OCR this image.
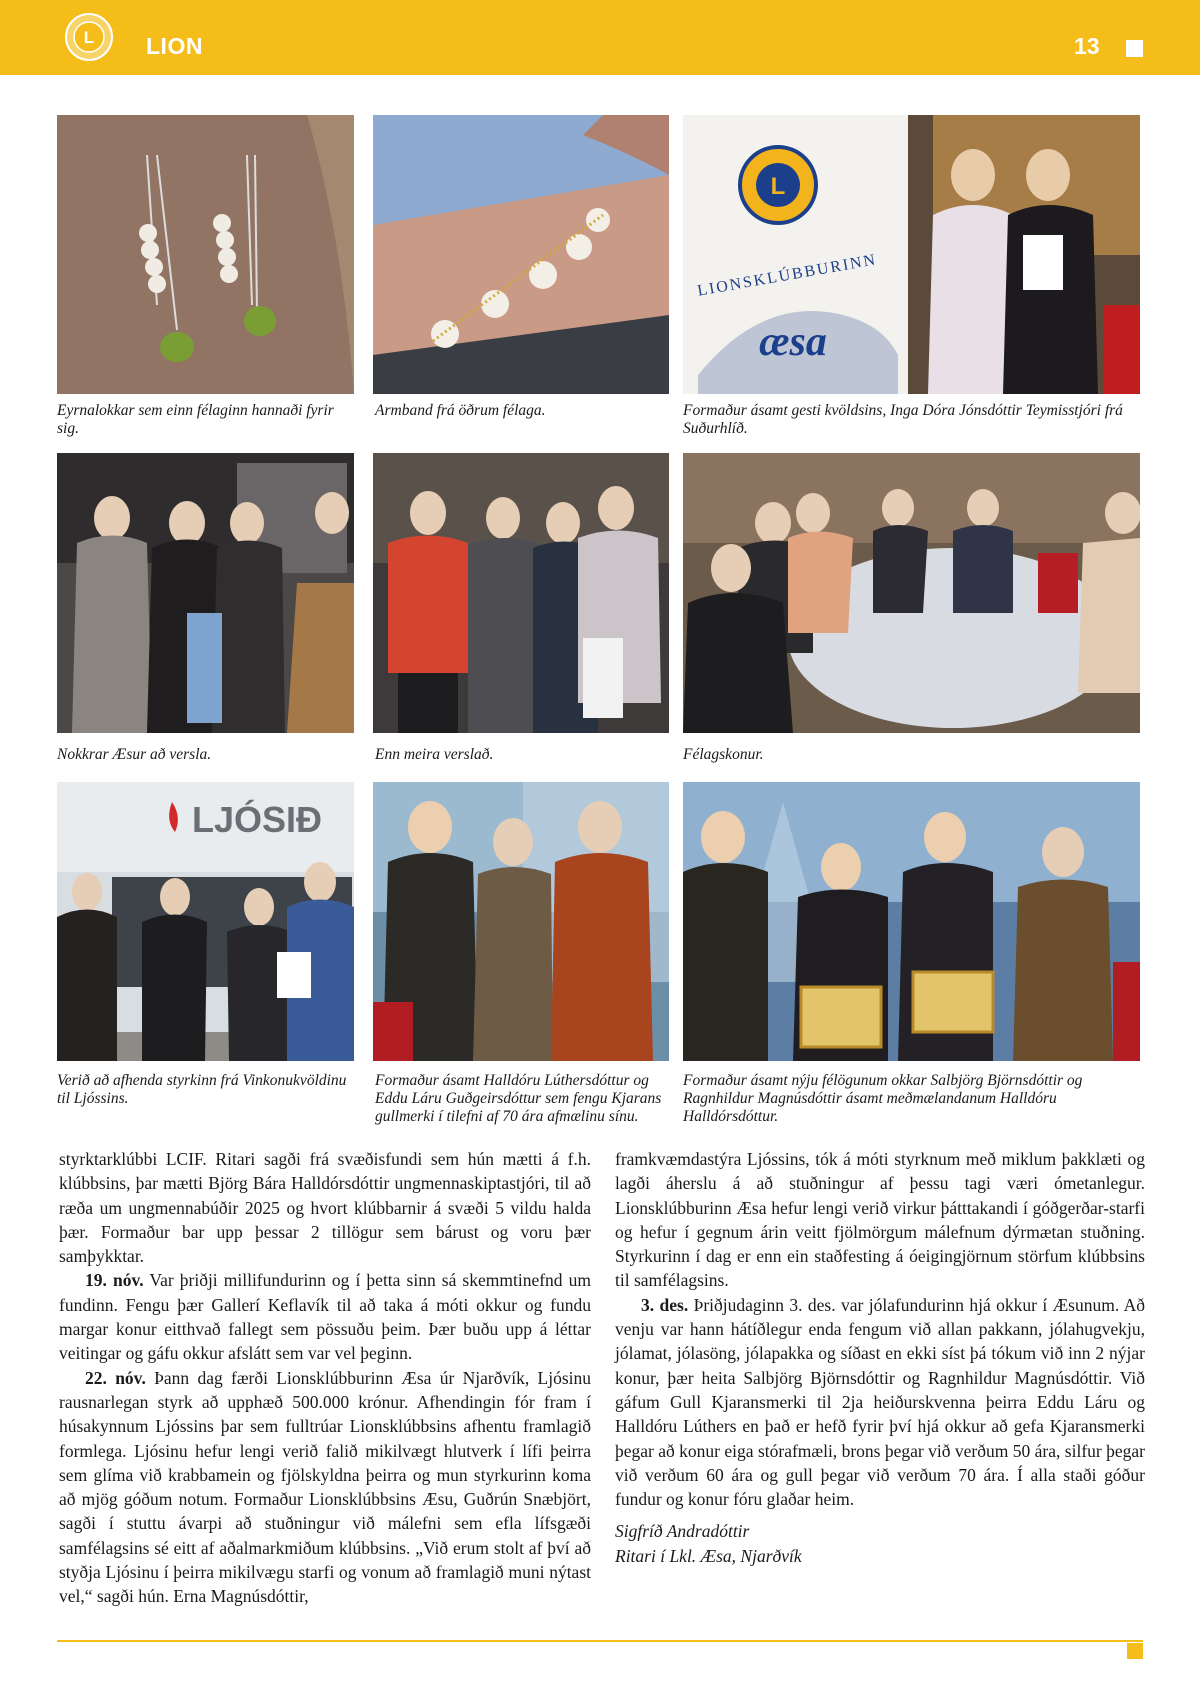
L LION	13
Eyrnalokkar sem einn félaginn hannaði fyrir sig.
Armband frá öðrum félaga.
L
LIONSKLÚBBURINN
æsa
Formaður ásamt gesti kvöldsins, Inga Dóra Jónsdóttir Teymisstjóri frá Suðurhlíð.
Nokkrar Æsur að versla.	Enn meira verslað.	Félagskonur.
LJÓSIÐ
Verið að afhenda styrkinn frá Vinkonukvöldinu til Ljóssins.
Formaður ásamt Halldóru Lúthersdóttur og Eddu Láru Guðgeirsdóttur sem fengu Kjarans gullmerki í tilefni af 70 ára afmælinu sínu.
Formaður ásamt nýju félögunum okkar Salbjörg Björnsdóttir og Ragnhildur Magnúsdóttir ásamt meðmælandanum Halldóru Halldórsdóttur.

styrktarklúbbi LCIF. Ritari sagði frá svæðisfundi sem hún mætti á f.h. klúbbsins, þar mætti Björg Bára Halldórsdóttir ungmennaskiptastjóri, til að ræða um ungmennabúðir 2025 og hvort klúbbarnir á svæði 5 vildu halda þær. Formaður bar upp þessar 2 tillögur sem bárust og voru þær samþykktar.

19. nóv. Var þriðji millifundurinn og í þetta sinn sá skemmtinefnd um fundinn. Fengu þær Gallerí Keflavík til að taka á móti okkur og fundu margar konur eitthvað fallegt sem pössuðu þeim. Þær buðu upp á léttar veitingar og gáfu okkur afslátt sem var vel þeginn.

22. nóv. Þann dag færði Lionsklúbburinn Æsa úr Njarðvík, Ljósinu rausnarlegan styrk að upphæð 500.000 krónur. Afhendingin fór fram í húsakynnum Ljóssins þar sem fulltrúar Lionsklúbbsins afhentu framlagið formlega. Ljósinu hefur lengi verið falið mikilvægt hlutverk í lífi þeirra sem glíma við krabbamein og fjölskyldna þeirra og mun styrkurinn koma að mjög góðum notum. Formaður Lionsklúbbsins Æsu, Guðrún Snæbjört, sagði í stuttu ávarpi að stuðningur við málefni sem efla lífsgæði samfélagsins sé eitt af aðalmarkmiðum klúbbsins. „Við erum stolt af því að styðja Ljósinu í þeirra mikilvægu starfi og vonum að framlagið muni nýtast vel,“ sagði hún. Erna Magnúsdóttir,

framkvæmdastýra Ljóssins, tók á móti styrknum með miklum þakklæti og lagði áherslu á að stuðningur af þessu tagi væri ómetanlegur. Lionsklúbburinn Æsa hefur lengi verið virkur þátttakandi í góðgerðar-starfi og hefur í gegnum árin veitt fjölmörgum málefnum dýrmætan stuðning. Styrkurinn í dag er enn ein staðfesting á óeigingjörnum störfum klúbbsins til samfélagsins.

3. des. Þriðjudaginn 3. des. var jólafundurinn hjá okkur í Æsunum. Að venju var hann hátíðlegur enda fengum við allan pakkann, jólahugvekju, jólamat, jólasöng, jólapakka og síðast en ekki síst þá tókum við inn 2 nýjar konur, þær heita Salbjörg Björnsdóttir og Ragnhildur Magnúsdóttir. Við gáfum Gull Kjaransmerki til 2ja heiðurskvenna þeirra Eddu Láru og Halldóru Lúthers en það er hefð fyrir því hjá okkur að gefa Kjaransmerki þegar að konur eiga stórafmæli, brons þegar við verðum 50 ára, silfur þegar við verðum 60 ára og gull þegar við verðum 70 ára. Í alla staði góður fundur og konur fóru glaðar heim.

Sigfríð Andradóttir
Ritari í Lkl. Æsa, Njarðvík
